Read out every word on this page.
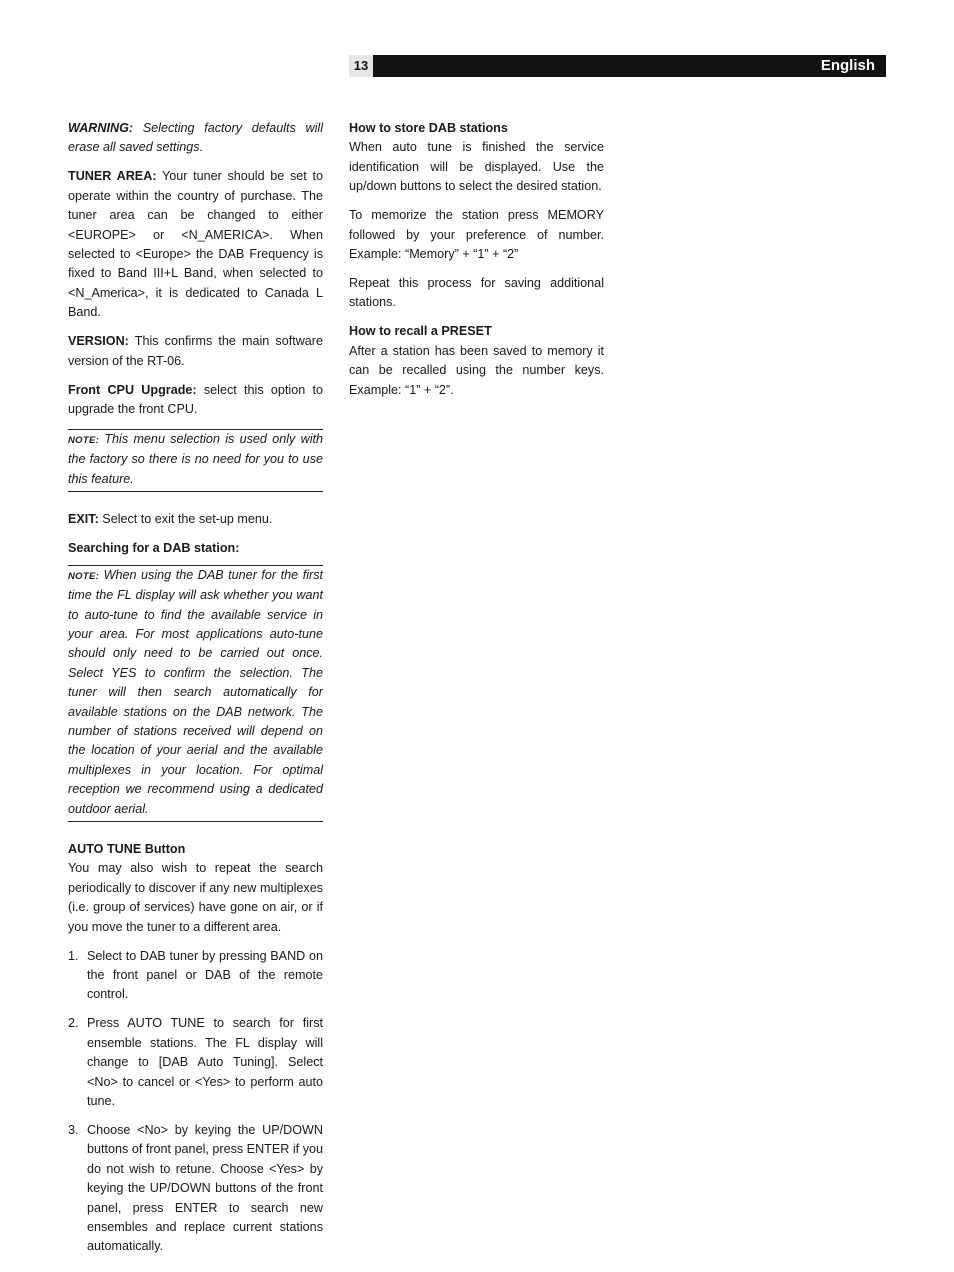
13	English

WARNING: Selecting factory defaults will erase all saved settings.

TUNER AREA: Your tuner should be set to operate within the country of purchase. The tuner area can be changed to either <EUROPE> or <N_AMERICA>. When selected to <Europe> the DAB Frequency is fixed to Band III+L Band, when selected to <N_America>, it is dedicated to Canada L Band.

VERSION: This confirms the main software version of the RT-06.

Front CPU Upgrade: select this option to upgrade the front CPU.

NOTE: This menu selection is used only with the factory so there is no need for you to use this feature.

EXIT: Select to exit the set-up menu.

Searching for a DAB station:

NOTE: When using the DAB tuner for the first time the FL display will ask whether you want to auto-tune to find the available service in your area. For most applications auto-tune should only need to be carried out once. Select YES to confirm the selection. The tuner will then search automatically for available stations on the DAB network. The number of stations received will depend on the location of your aerial and the available multiplexes in your location. For optimal reception we recommend using a dedicated outdoor aerial.

AUTO TUNE Button

You may also wish to repeat the search periodically to discover if any new multiplexes (i.e. group of services) have gone on air, or if you move the tuner to a different area.

1. Select to DAB tuner by pressing BAND on the front panel or DAB of the remote control.
2. Press AUTO TUNE to search for first ensemble stations. The FL display will change to [DAB Auto Tuning]. Select <No> to cancel or <Yes> to perform auto tune.
3. Choose <No> by keying the UP/DOWN buttons of front panel, press ENTER if you do not wish to retune. Choose <Yes> by keying the UP/DOWN buttons of the front panel, press ENTER to search new ensembles and replace current stations automatically.

How to store DAB stations

When auto tune is finished the service identification will be displayed. Use the up/down buttons to select the desired station.

To memorize the station press MEMORY followed by your preference of number. Example: “Memory” + “1” + “2”

Repeat this process for saving additional stations.

How to recall a PRESET

After a station has been saved to memory it can be recalled using the number keys. Example: “1” + “2”.
